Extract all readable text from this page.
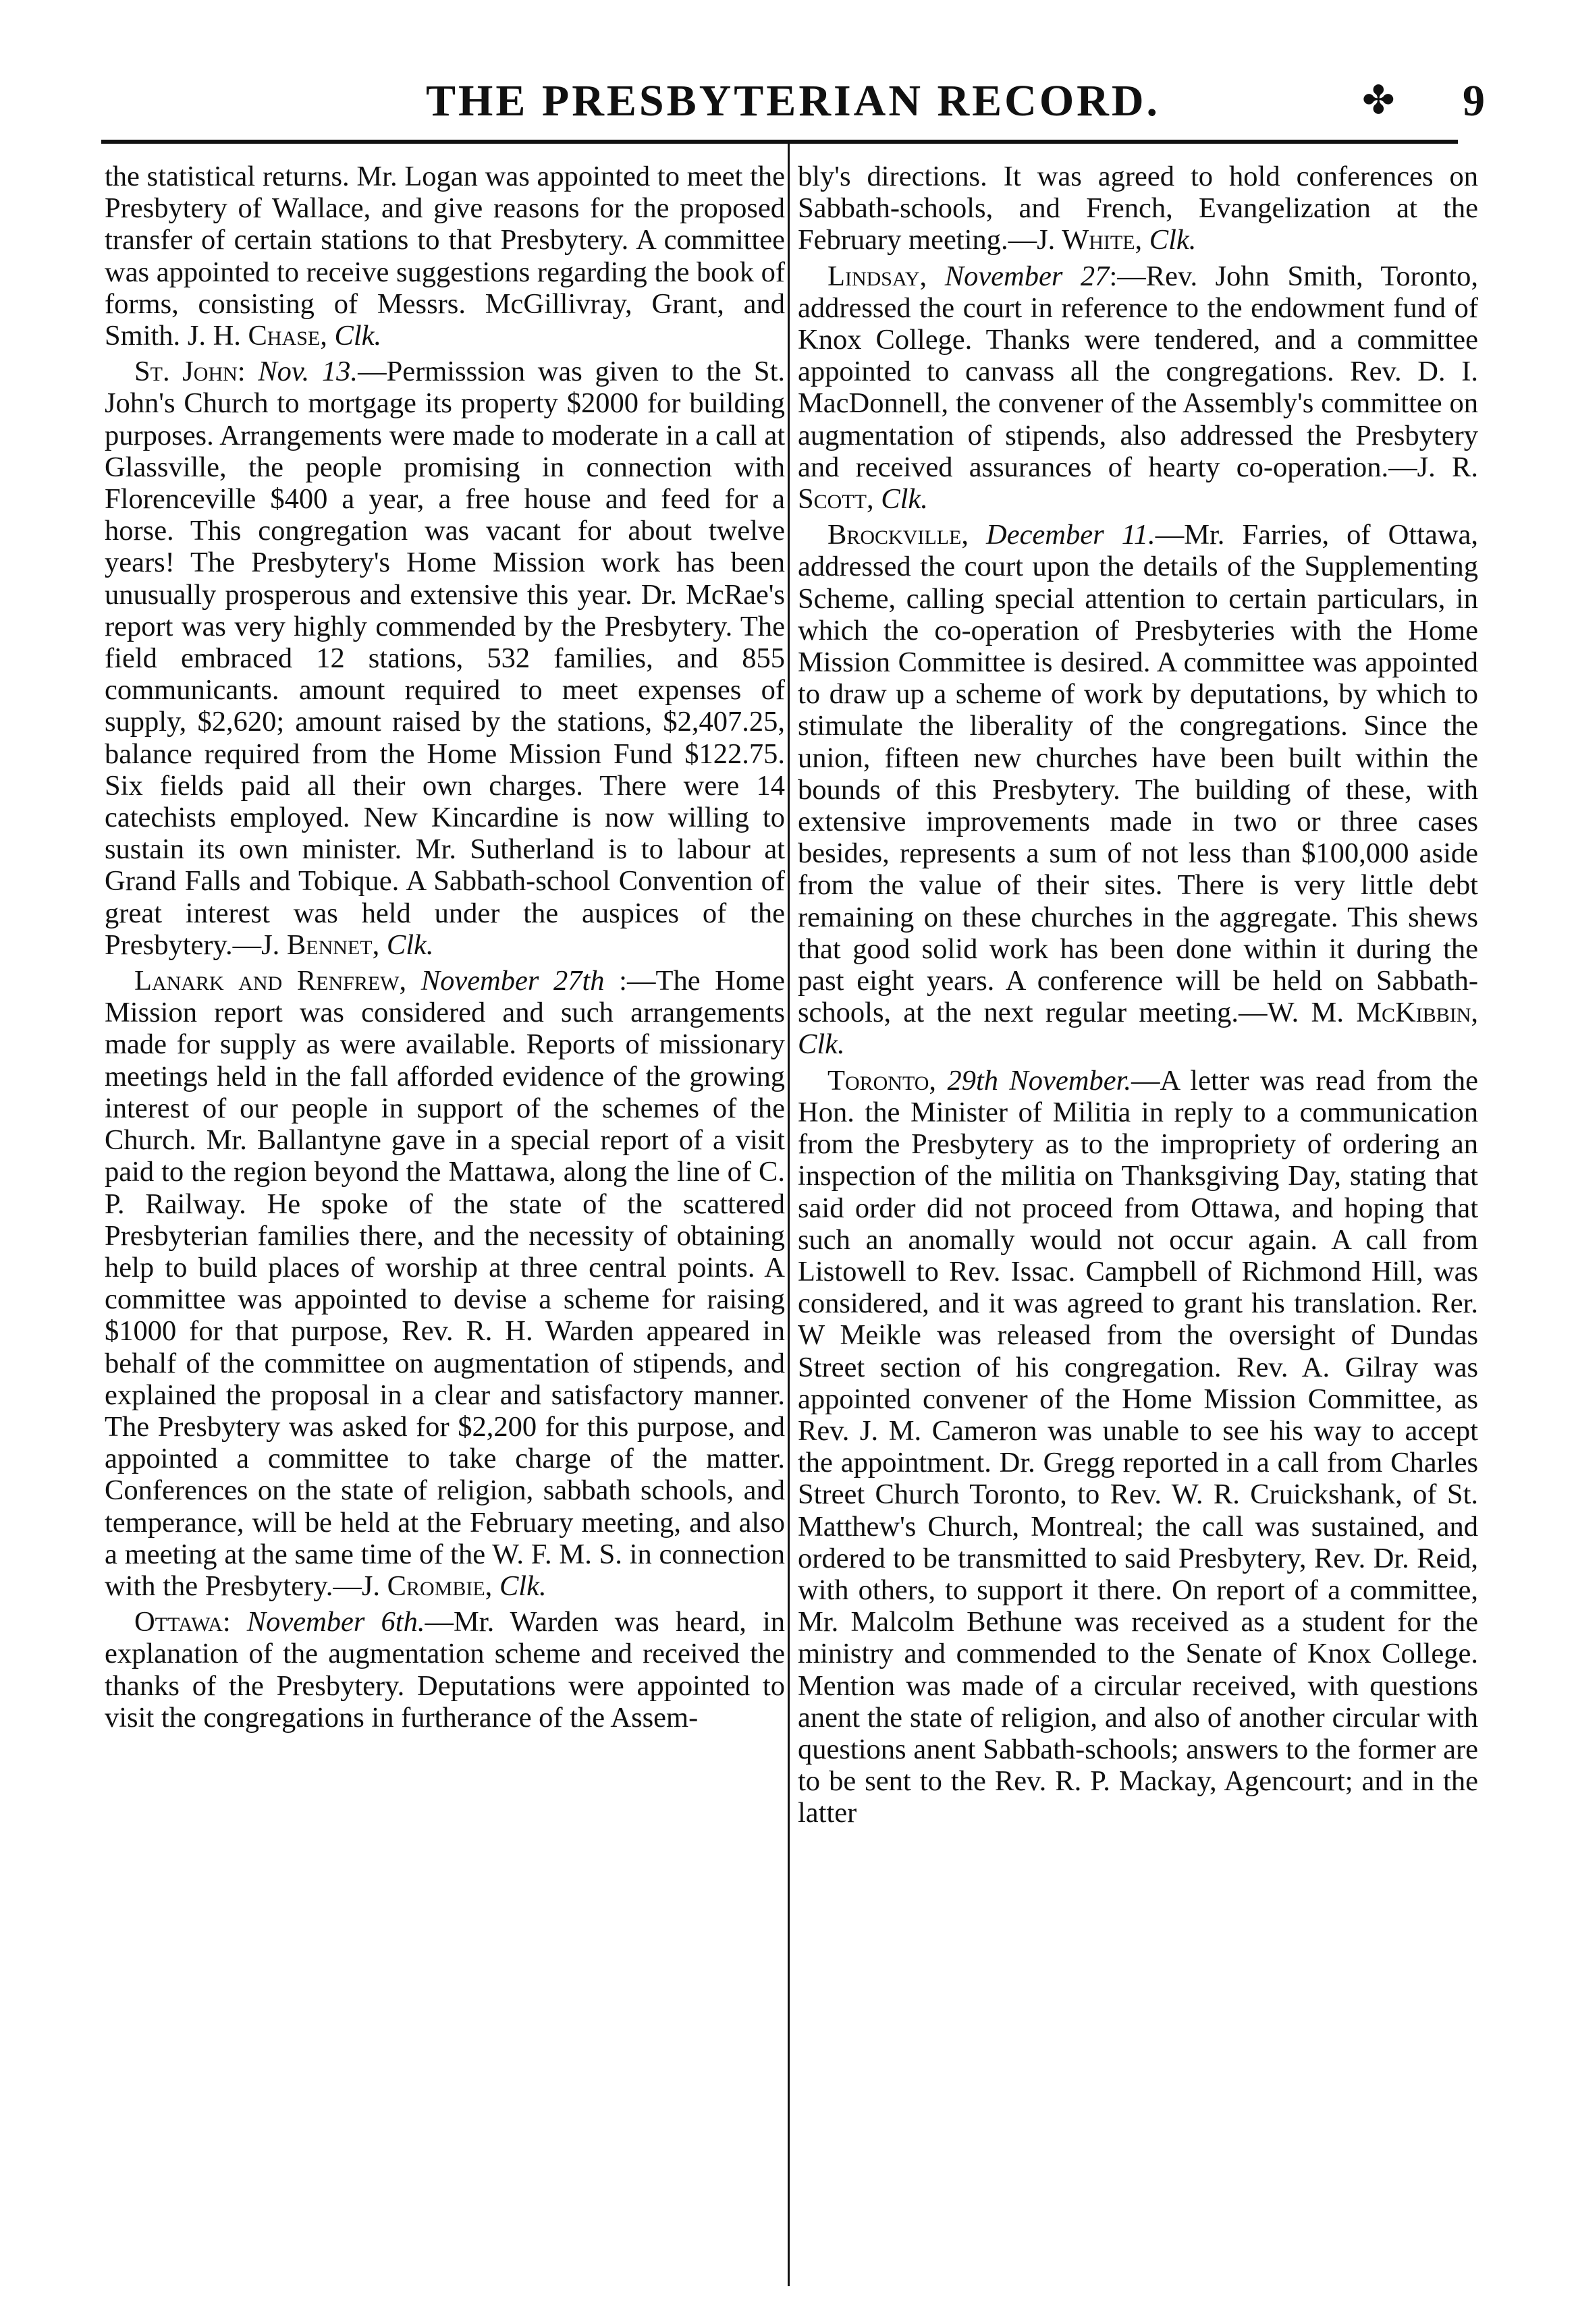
THE PRESBYTERIAN RECORD.	✤ 9

the statistical returns. Mr. Logan was appointed to meet the Presbytery of Wallace, and give reasons for the proposed transfer of certain stations to that Presbytery. A committee was appointed to receive suggestions regarding the book of forms, consisting of Messrs. McGillivray, Grant, and Smith. J. H. Chase, Clk.

St. John: Nov. 13.—Permisssion was given to the St. John's Church to mortgage its property $2000 for building purposes. Arrangements were made to moderate in a call at Glassville, the people promising in connection with Florenceville $400 a year, a free house and feed for a horse. This congregation was vacant for about twelve years! The Presbytery's Home Mission work has been unusually prosperous and extensive this year. Dr. McRae's report was very highly commended by the Presbytery. The field embraced 12 stations, 532 families, and 855 communicants. amount required to meet expenses of supply, $2,620; amount raised by the stations, $2,407.25, balance required from the Home Mission Fund $122.75. Six fields paid all their own charges. There were 14 catechists employed. New Kincardine is now willing to sustain its own minister. Mr. Sutherland is to labour at Grand Falls and Tobique. A Sabbath-school Convention of great interest was held under the auspices of the Presbytery.—J. Bennet, Clk.

Lanark and Renfrew, November 27th :—The Home Mission report was considered and such arrangements made for supply as were available. Reports of missionary meetings held in the fall afforded evidence of the growing interest of our people in support of the schemes of the Church. Mr. Ballantyne gave in a special report of a visit paid to the region beyond the Mattawa, along the line of C. P. Railway. He spoke of the state of the scattered Presbyterian families there, and the necessity of obtaining help to build places of worship at three central points. A committee was appointed to devise a scheme for raising $1000 for that purpose, Rev. R. H. Warden appeared in behalf of the committee on augmentation of stipends, and explained the proposal in a clear and satisfactory manner. The Presbytery was asked for $2,200 for this purpose, and appointed a committee to take charge of the matter. Conferences on the state of religion, sabbath schools, and temperance, will be held at the February meeting, and also a meeting at the same time of the W. F. M. S. in connection with the Presbytery.—J. Crombie, Clk.

Ottawa: November 6th.—Mr. Warden was heard, in explanation of the augmentation scheme and received the thanks of the Presbytery. Deputations were appointed to visit the congregations in furtherance of the Assem-

bly's directions. It was agreed to hold conferences on Sabbath-schools, and French, Evangelization at the February meeting.—J. White, Clk.

Lindsay, November 27:—Rev. John Smith, Toronto, addressed the court in reference to the endowment fund of Knox College. Thanks were tendered, and a committee appointed to canvass all the congregations. Rev. D. I. MacDonnell, the convener of the Assembly's committee on augmentation of stipends, also addressed the Presbytery and received assurances of hearty co-operation.—J. R. Scott, Clk.

Brockville, December 11.—Mr. Farries, of Ottawa, addressed the court upon the details of the Supplementing Scheme, calling special attention to certain particulars, in which the co-operation of Presbyteries with the Home Mission Committee is desired. A committee was appointed to draw up a scheme of work by deputations, by which to stimulate the liberality of the congregations. Since the union, fifteen new churches have been built within the bounds of this Presbytery. The building of these, with extensive improvements made in two or three cases besides, represents a sum of not less than $100,000 aside from the value of their sites. There is very little debt remaining on these churches in the aggregate. This shews that good solid work has been done within it during the past eight years. A conference will be held on Sabbath-schools, at the next regular meeting.—W. M. McKibbin, Clk.

Toronto, 29th November.—A letter was read from the Hon. the Minister of Militia in reply to a communication from the Presbytery as to the impropriety of ordering an inspection of the militia on Thanksgiving Day, stating that said order did not proceed from Ottawa, and hoping that such an anomally would not occur again. A call from Listowell to Rev. Issac. Campbell of Richmond Hill, was considered, and it was agreed to grant his translation. Rer. W Meikle was released from the oversight of Dundas Street section of his congregation. Rev. A. Gilray was appointed convener of the Home Mission Committee, as Rev. J. M. Cameron was unable to see his way to accept the appointment. Dr. Gregg reported in a call from Charles Street Church Toronto, to Rev. W. R. Cruickshank, of St. Matthew's Church, Montreal; the call was sustained, and ordered to be transmitted to said Presbytery, Rev. Dr. Reid, with others, to support it there. On report of a committee, Mr. Malcolm Bethune was received as a student for the ministry and commended to the Senate of Knox College. Mention was made of a circular received, with questions anent the state of religion, and also of another circular with questions anent Sabbath-schools; answers to the former are to be sent to the Rev. R. P. Mackay, Agencourt; and in the latter
